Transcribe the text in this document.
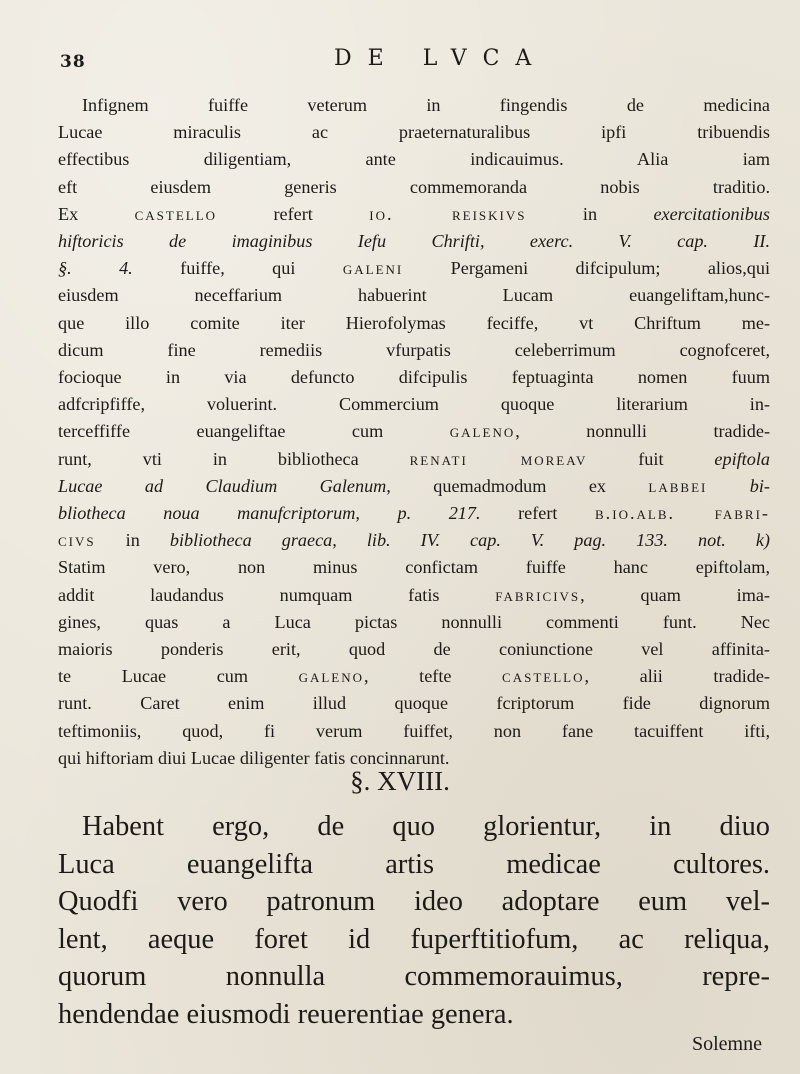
38	DE LVCA
Infignem fuiffe veterum in fingendis de medicina
Lucae miraculis ac praeternaturalibus ipfi tribuendis
effectibus diligentiam, ante indicauimus. Alia iam
eft eiusdem generis commemoranda nobis traditio.
Ex castello refert io. reiskivs in exercitationibus
hiftoricis de imaginibus Iefu Chrifti, exerc. V. cap. II.
§. 4. fuiffe, qui galeni Pergameni difcipulum; alios,qui
eiusdem neceffarium habuerint Lucam euangeliftam,hunc-
que illo comite iter Hierofolymas feciffe, vt Chriftum me-
dicum fine remediis vfurpatis celeberrimum cognofceret,
focioque in via defuncto difcipulis feptuaginta nomen fuum
adfcripfiffe, voluerint. Commercium quoque literarium in-
terceffiffe euangeliftae cum galeno, nonnulli tradide-
runt, vti in bibliotheca renati moreav fuit epiftola
Lucae ad Claudium Galenum, quemadmodum ex labbei bi-
bliotheca noua manufcriptorum, p. 217. refert b.io.alb. fabri-
civs in bibliotheca graeca, lib. IV. cap. V. pag. 133. not. k)
Statim vero, non minus confictam fuiffe hanc epiftolam,
addit laudandus numquam fatis fabricivs, quam ima-
gines, quas a Luca pictas nonnulli commenti funt. Nec
maioris ponderis erit, quod de coniunctione vel affinita-
te Lucae cum galeno, tefte castello, alii tradide-
runt. Caret enim illud quoque fcriptorum fide dignorum
teftimoniis, quod, fi verum fuiffet, non fane tacuiffent ifti,
qui hiftoriam diui Lucae diligenter fatis concinnarunt.
§. XVIII.
Habent ergo, de quo glorientur, in diuo
Luca euangelifta artis medicae cultores.
Quodfi vero patronum ideo adoptare eum vel-
lent, aeque foret id fuperftitiofum, ac reliqua,
quorum nonnulla commemorauimus, repre-
hendendae eiusmodi reuerentiae genera.
Solemne
